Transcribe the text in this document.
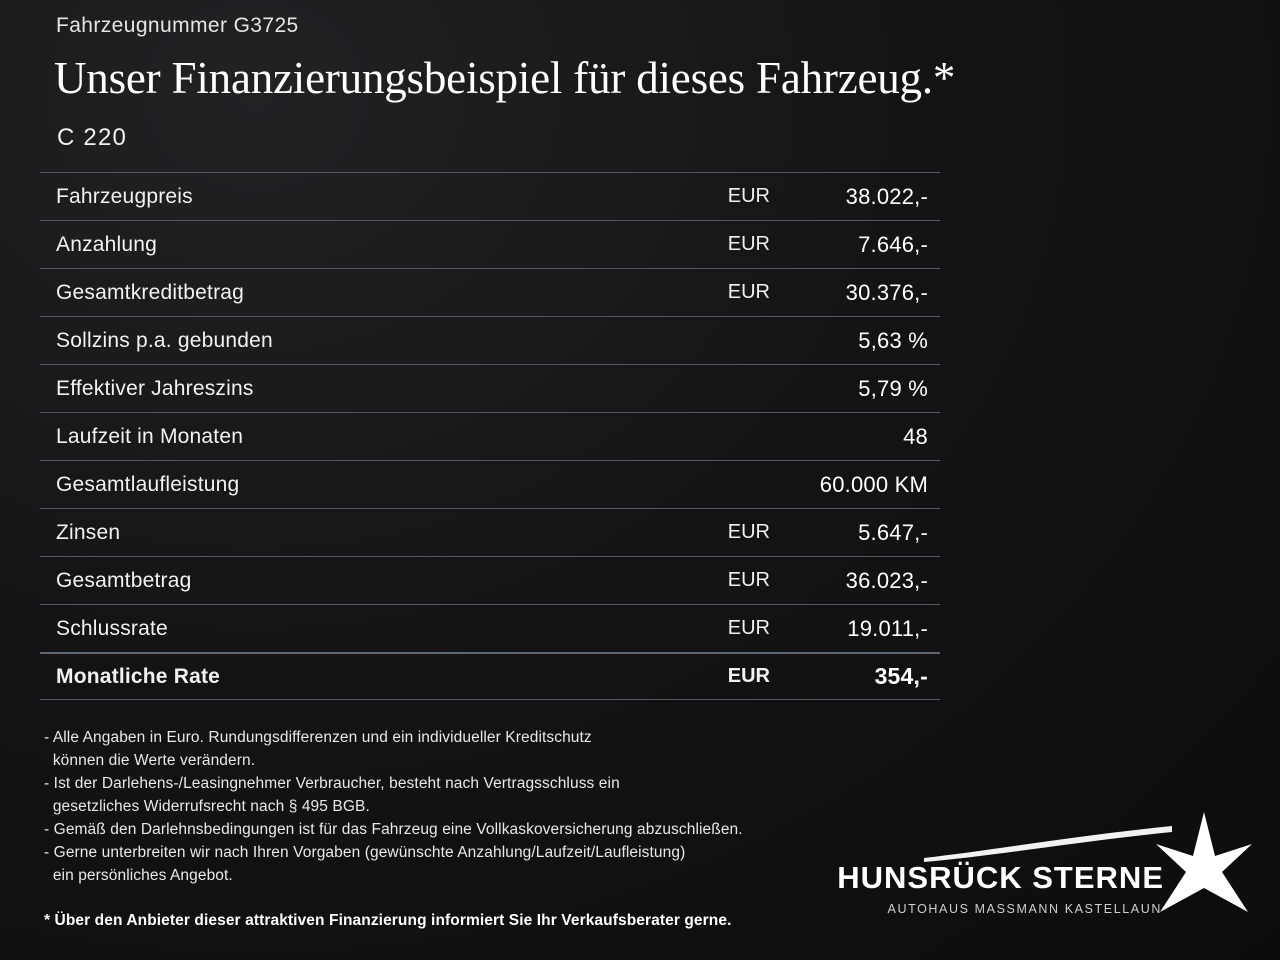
Fahrzeugnummer G3725
Unser Finanzierungsbeispiel für dieses Fahrzeug.*
C 220
Fahrzeugpreis	EUR	38.022,-
Anzahlung	EUR	7.646,-
Gesamtkreditbetrag	EUR	30.376,-
Sollzins p.a. gebunden	5,63 %
Effektiver Jahreszins	5,79 %
Laufzeit in Monaten	48
Gesamtlaufleistung	60.000 KM
Zinsen	EUR	5.647,-
Gesamtbetrag	EUR	36.023,-
Schlussrate	EUR	19.011,-
Monatliche Rate	EUR	354,-
- Alle Angaben in Euro. Rundungsdifferenzen und ein individueller Kreditschutz
können die Werte verändern.
- Ist der Darlehens-/Leasingnehmer Verbraucher, besteht nach Vertragsschluss ein
gesetzliches Widerrufsrecht nach § 495 BGB.
- Gemäß den Darlehnsbedingungen ist für das Fahrzeug eine Vollkaskoversicherung abzuschließen.
- Gerne unterbreiten wir nach Ihren Vorgaben (gewünschte Anzahlung/Laufzeit/Laufleistung)
ein persönliches Angebot.
* Über den Anbieter dieser attraktiven Finanzierung informiert Sie Ihr Verkaufsberater gerne.
HUNSRÜCK STERNE
AUTOHAUS MASSMANN KASTELLAUN
